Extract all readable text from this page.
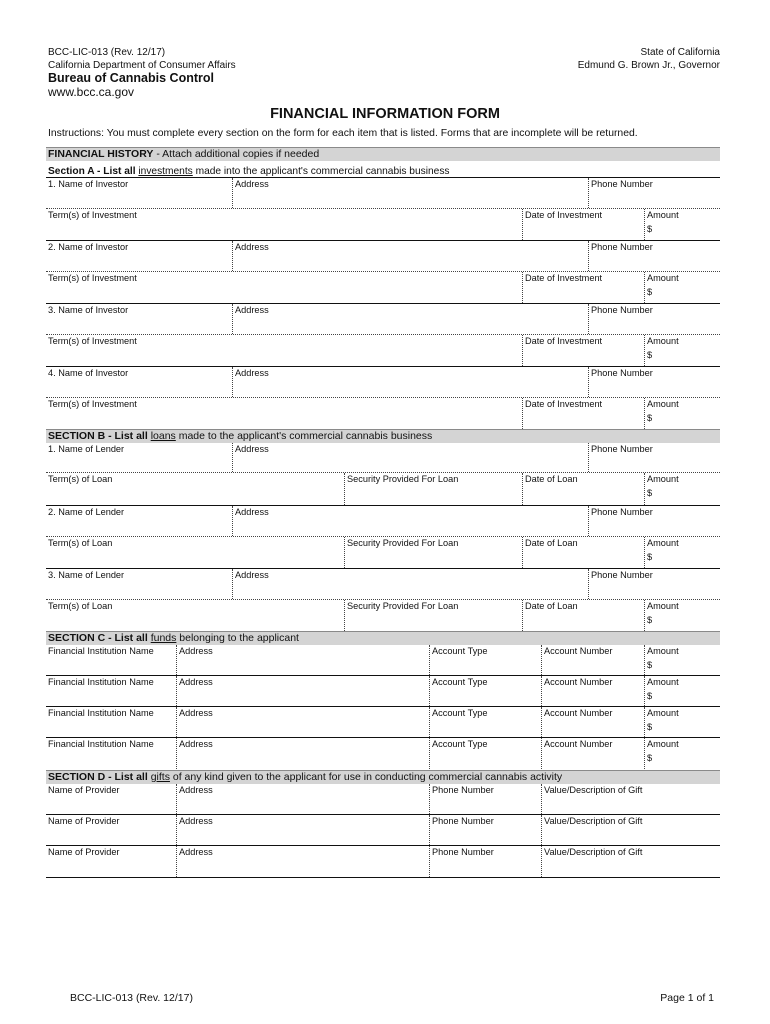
BCC-LIC-013 (Rev. 12/17)
California Department of Consumer Affairs
Bureau of Cannabis Control
www.bcc.ca.gov
State of California
Edmund G. Brown Jr., Governor
FINANCIAL INFORMATION FORM
Instructions: You must complete every section on the form for each item that is listed. Forms that are incomplete will be returned.
FINANCIAL HISTORY - Attach additional copies if needed
Section A - List all investments made into the applicant's commercial cannabis business
1. Name of Investor	Address	Phone Number
Term(s) of Investment	Date of Investment	Amount
$
2. Name of Investor	Address	Phone Number
Term(s) of Investment	Date of Investment	Amount
$
3. Name of Investor	Address	Phone Number
Term(s) of Investment	Date of Investment	Amount
$
4. Name of Investor	Address	Phone Number
Term(s) of Investment	Date of Investment	Amount
$
SECTION B - List all loans made to the applicant's commercial cannabis business
1. Name of Lender	Address	Phone Number
Term(s) of Loan	Security Provided For Loan	Date of Loan	Amount
$
2. Name of Lender	Address	Phone Number
Term(s) of Loan	Security Provided For Loan	Date of Loan	Amount
$
3. Name of Lender	Address	Phone Number
Term(s) of Loan	Security Provided For Loan	Date of Loan	Amount
$
SECTION C - List all funds belonging to the applicant
Financial Institution Name	Address	Account Type	Account Number	Amount
$
Financial Institution Name	Address	Account Type	Account Number	Amount
$
Financial Institution Name	Address	Account Type	Account Number	Amount
$
Financial Institution Name	Address	Account Type	Account Number	Amount
$
SECTION D - List all gifts of any kind given to the applicant for use in conducting commercial cannabis activity
Name of Provider	Address	Phone Number	Value/Description of Gift
Name of Provider	Address	Phone Number	Value/Description of Gift
Name of Provider	Address	Phone Number	Value/Description of Gift
BCC-LIC-013 (Rev. 12/17)	Page 1 of 1
